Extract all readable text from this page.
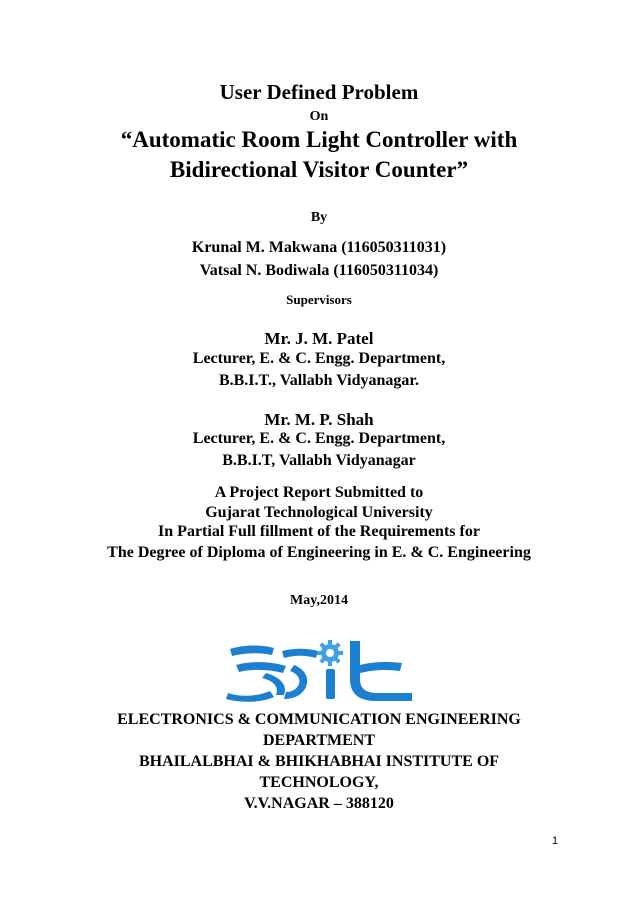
User Defined Problem
On
“Automatic Room Light Controller with
Bidirectional Visitor Counter”
By
Krunal M. Makwana (116050311031)
Vatsal N. Bodiwala (116050311034)
Supervisors
Mr. J. M. Patel
Lecturer, E. & C. Engg. Department,
B.B.I.T., Vallabh Vidyanagar.
Mr. M. P. Shah
Lecturer, E. & C. Engg. Department,
B.B.I.T, Vallabh Vidyanagar
A Project Report Submitted to
Gujarat Technological University
In Partial Full fillment of the Requirements for
The Degree of Diploma of Engineering in E. & C. Engineering
May,2014
ELECTRONICS & COMMUNICATION ENGINEERING
DEPARTMENT
BHAILALBHAI & BHIKHABHAI INSTITUTE OF
TECHNOLOGY,
V.V.NAGAR – 388120
1
